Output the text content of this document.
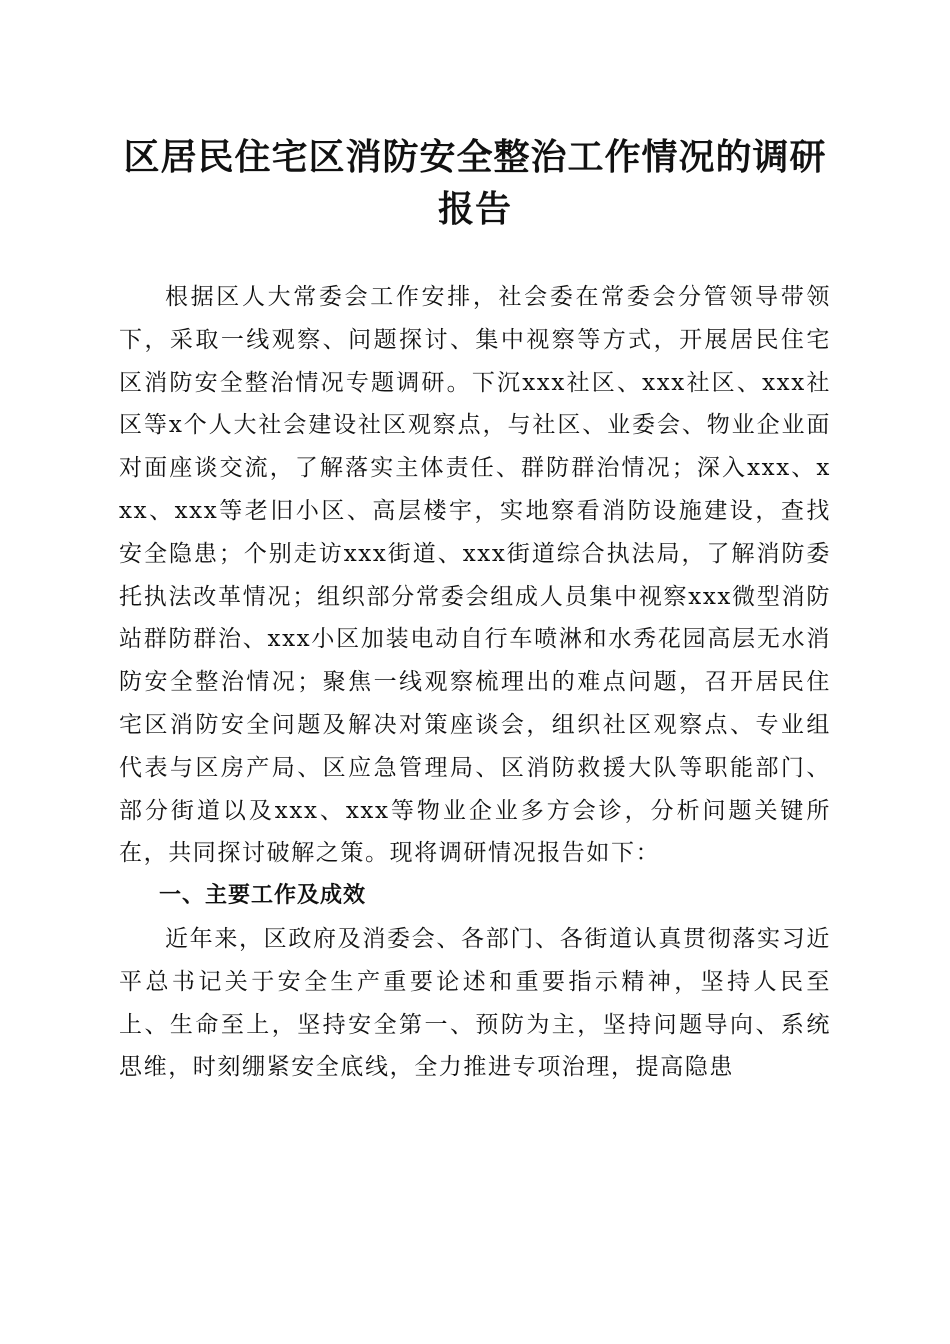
区居民住宅区消防安全整治工作情况的调研报告

根据区人大常委会工作安排，社会委在常委会分管领导带领下，采取一线观察、问题探讨、集中视察等方式，开展居民住宅区消防安全整治情况专题调研。下沉xxx社区、xxx社区、xxx社区等x个人大社会建设社区观察点，与社区、业委会、物业企业面对面座谈交流，了解落实主体责任、群防群治情况；深入xxx、xxx、xxx等老旧小区、高层楼宇，实地察看消防设施建设，查找安全隐患；个别走访xxx街道、xxx街道综合执法局，了解消防委托执法改革情况；组织部分常委会组成人员集中视察xxx微型消防站群防群治、xxx小区加装电动自行车喷淋和水秀花园高层无水消防安全整治情况；聚焦一线观察梳理出的难点问题，召开居民住宅区消防安全问题及解决对策座谈会，组织社区观察点、专业组代表与区房产局、区应急管理局、区消防救援大队等职能部门、部分街道以及xxx、xxx等物业企业多方会诊，分析问题关键所在，共同探讨破解之策。现将调研情况报告如下：

一、主要工作及成效

近年来，区政府及消委会、各部门、各街道认真贯彻落实习近平总书记关于安全生产重要论述和重要指示精神，坚持人民至上、生命至上，坚持安全第一、预防为主，坚持问题导向、系统思维，时刻绷紧安全底线，全力推进专项治理，提高隐患
